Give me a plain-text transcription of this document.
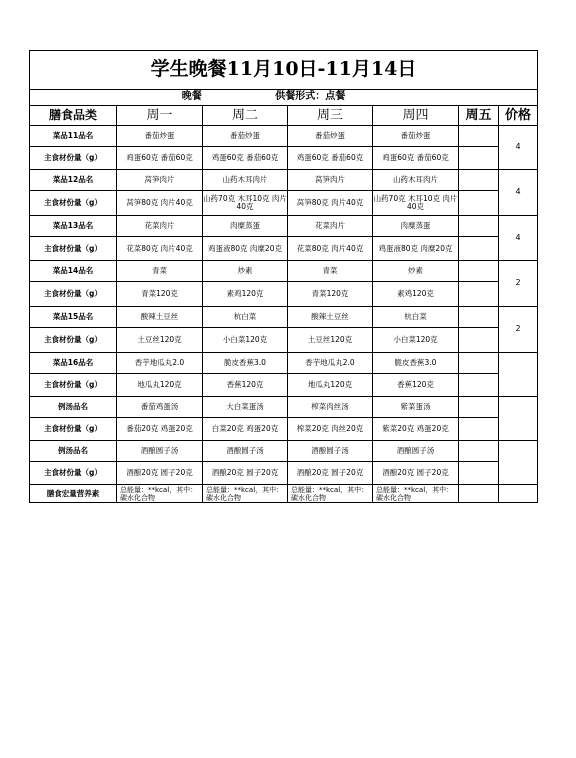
学生晚餐11月10日-11月14日						
晚餐 供餐形式：点餐						
膳食品类	周一	周二	周三	周四	周五	价格
菜品11品名	番茄炒蛋	番茄炒蛋	番茄炒蛋	番茄炒蛋		4
主食材份量（g）	鸡蛋60克 番茄60克	鸡蛋60克 番茄60克	鸡蛋60克 番茄60克	鸡蛋60克 番茄60克		
菜品12品名	莴笋肉片	山药木耳肉片	莴笋肉片	山药木耳肉片		4
主食材份量（g）	莴笋80克 肉片40克	山药70克 木耳10克 肉片40克	莴笋80克 肉片40克	山药70克 木耳10克 肉片40克		
菜品13品名	花菜肉片	肉糜蒸蛋	花菜肉片	肉糜蒸蛋		4
主食材份量（g）	花菜80克 肉片40克	鸡蛋液80克 肉糜20克	花菜80克 肉片40克	鸡蛋液80克 肉糜20克		
菜品14品名	青菜	炒素	青菜	炒素		2
主食材份量（g）	青菜120克	素鸡120克	青菜120克	素鸡120克		
菜品15品名	酸辣土豆丝	杭白菜	酸辣土豆丝	杭白菜		2
主食材份量（g）	土豆丝120克	小白菜120克	土豆丝120克	小白菜120克		
菜品16品名	香芋地瓜丸2.0	脆皮香蕉3.0	香芋地瓜丸2.0	脆皮香蕉3.0		
主食材份量（g）	地瓜丸120克	香蕉120克	地瓜丸120克	香蕉120克		
例汤品名	番茄鸡蛋汤	大白菜蛋汤	榨菜肉丝汤	紫菜蛋汤		
主食材份量（g）	番茄20克 鸡蛋20克	白菜20克 鸡蛋20克	榨菜20克 肉丝20克	紫菜20克 鸡蛋20克		
例汤品名	酒酿圆子汤	酒酿圆子汤	酒酿圆子汤	酒酿圆子汤		
主食材份量（g）	酒酿20克 圆子20克	酒酿20克 圆子20克	酒酿20克 圆子20克	酒酿20克 圆子20克		
膳食宏量营养素	总能量：**kcal，其中：碳水化合物	总能量：**kcal，其中：碳水化合物	总能量：**kcal，其中：碳水化合物	总能量：**kcal，其中：碳水化合物		
